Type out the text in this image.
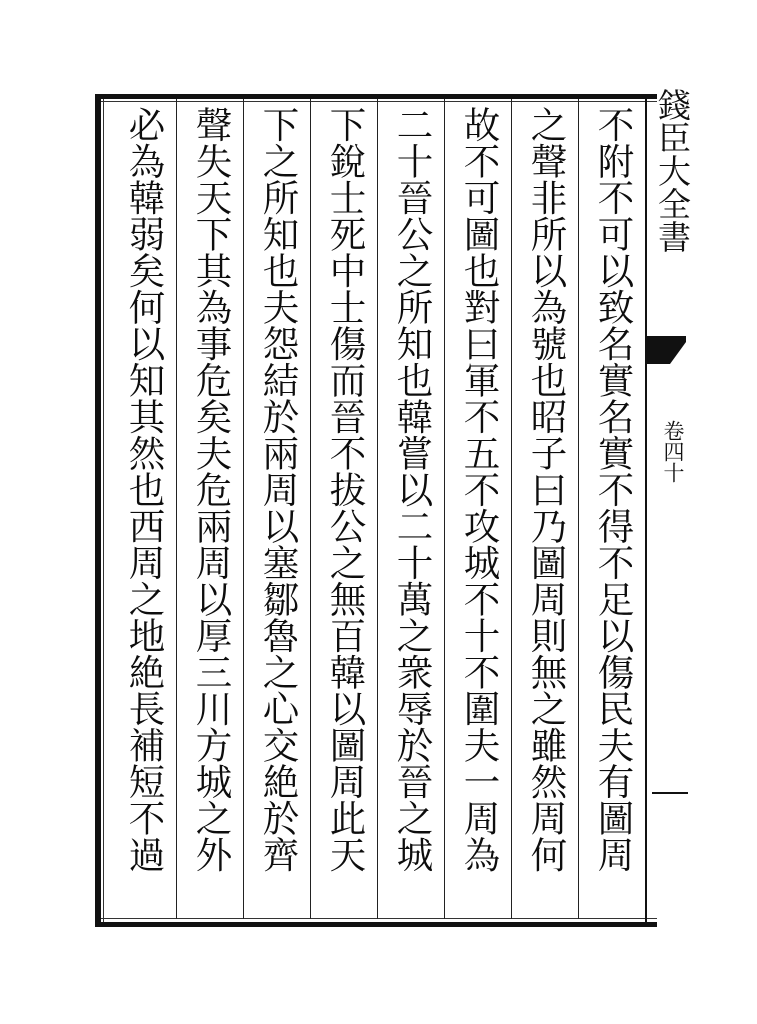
不附不可以致名實名實不得不足以傷民夫有圖周
之聲非所以為號也昭子曰乃圖周則無之雖然周何
故不可圖也對曰軍不五不攻城不十不圍夫一周為
二十晉公之所知也韓嘗以二十萬之衆辱於晉之城
下銳士死中士傷而晉不拔公之無百韓以圖周此天
下之所知也夫怨結於兩周以塞鄒魯之心交絶於齊
聲失天下其為事危矣夫危兩周以厚三川方城之外
必為韓弱矣何以知其然也西周之地絶長補短不過	錢臣大全書
卷四十
